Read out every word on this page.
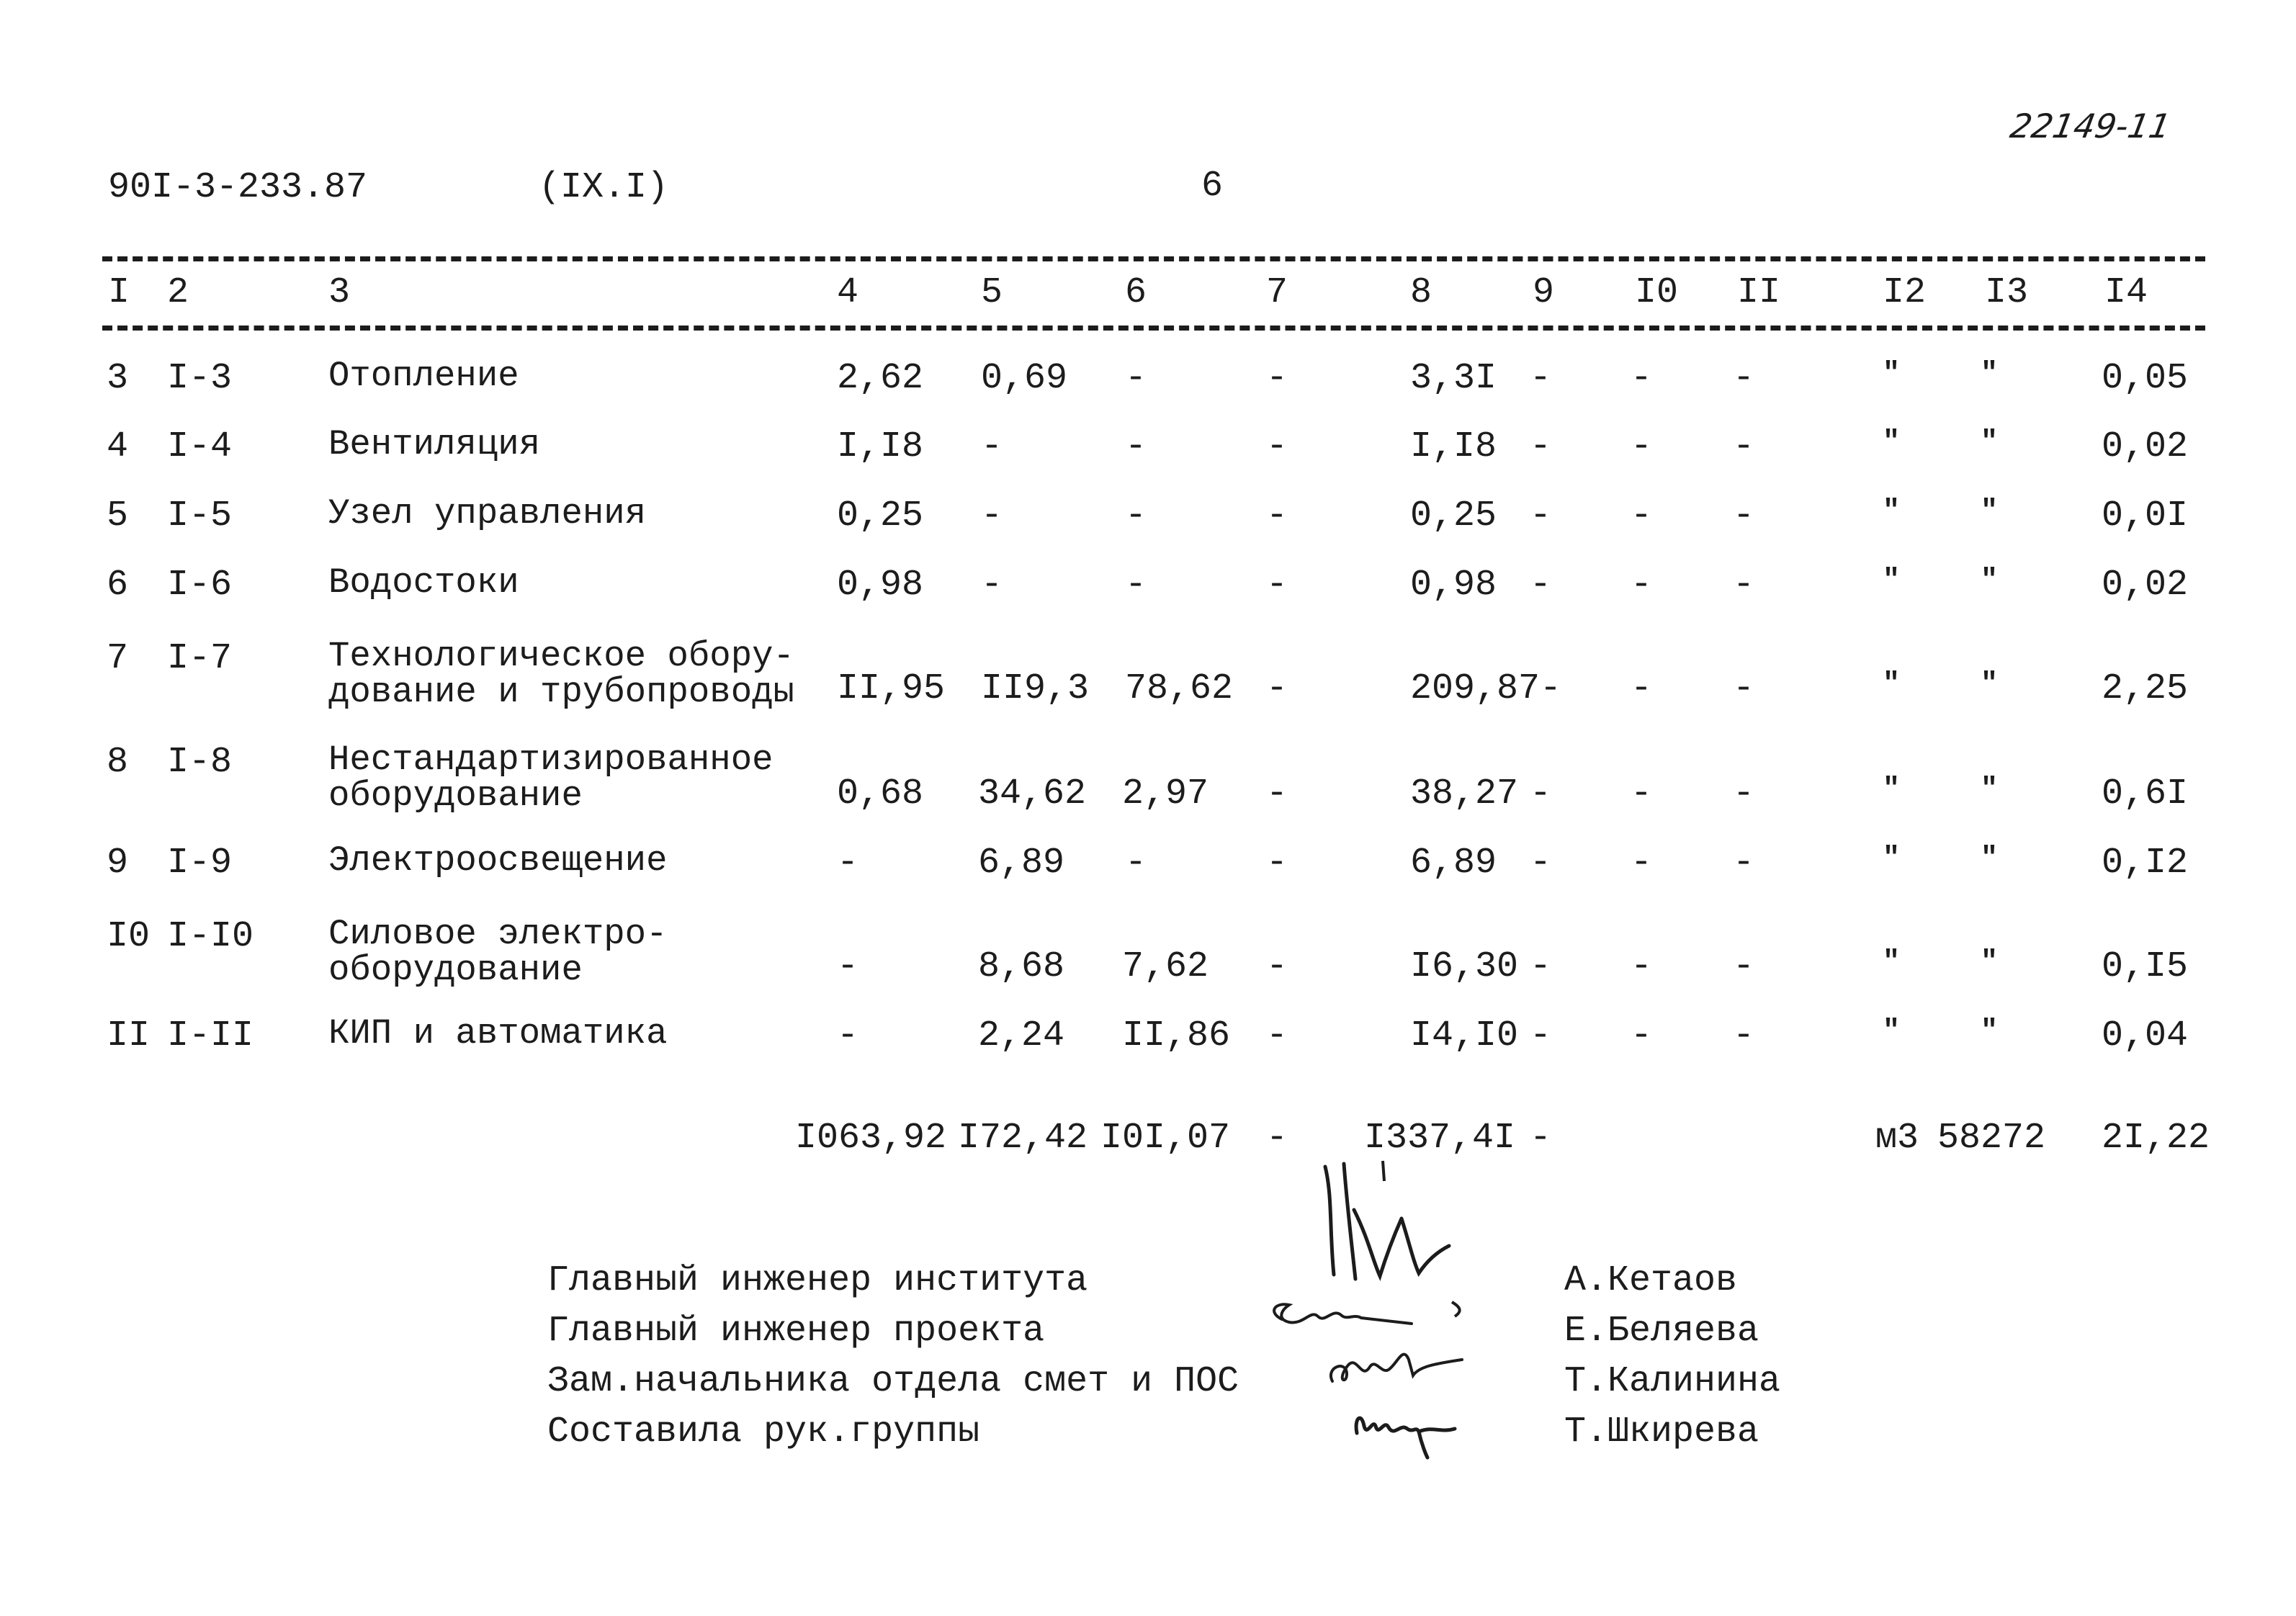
90I-3-233.87	(IX.I)	6
22149-11
I 2	3	4	5	6	7	8	9 I0 II	I2 I3 I4
3 I-3	Отопление	2,62 0,69 -	-	3,3I - - -	"	"	0,05
4 I-4	Вентиляция	I,I8 -	-	-	I,I8 - - -	"	"	0,02
5 I-5	Узел управления	0,25 -	-	-	0,25 - - -	"	"	0,0I
6 I-6	Водостоки	0,98 -	-	-	0,98 - - -	"	"	0,02
7 I-7	Технологическое обору-
дование и трубопроводы II,95 II9,3 78,62 -	209,87- - -	"	"	2,25
8 I-8	Нестандартизированное
оборудование	0,68 34,62 2,97 -	38,27 - - -	"	"	0,6I
9 I-9	Электроосвещение	-	6,89 -	-	6,89 - - -	"	"	0,I2
I0 I-I0 Силовое электро-
оборудование	-	8,68 7,62 -	I6,30 - - -	"	"	0,I5
II I-II КИП и автоматика	-	2,24 II,86 -	I4,I0 - - -	"	"	0,04
I063,92 I72,42 I0I,07 - I337,4I -	м3 58272 2I,22
Главный инженер института	А.Кетаов
Главный инженер проекта	Е.Беляева
Зам.начальника отдела смет и ПОС	Т.Калинина
Составила рук.группы	Т.Шкирева
